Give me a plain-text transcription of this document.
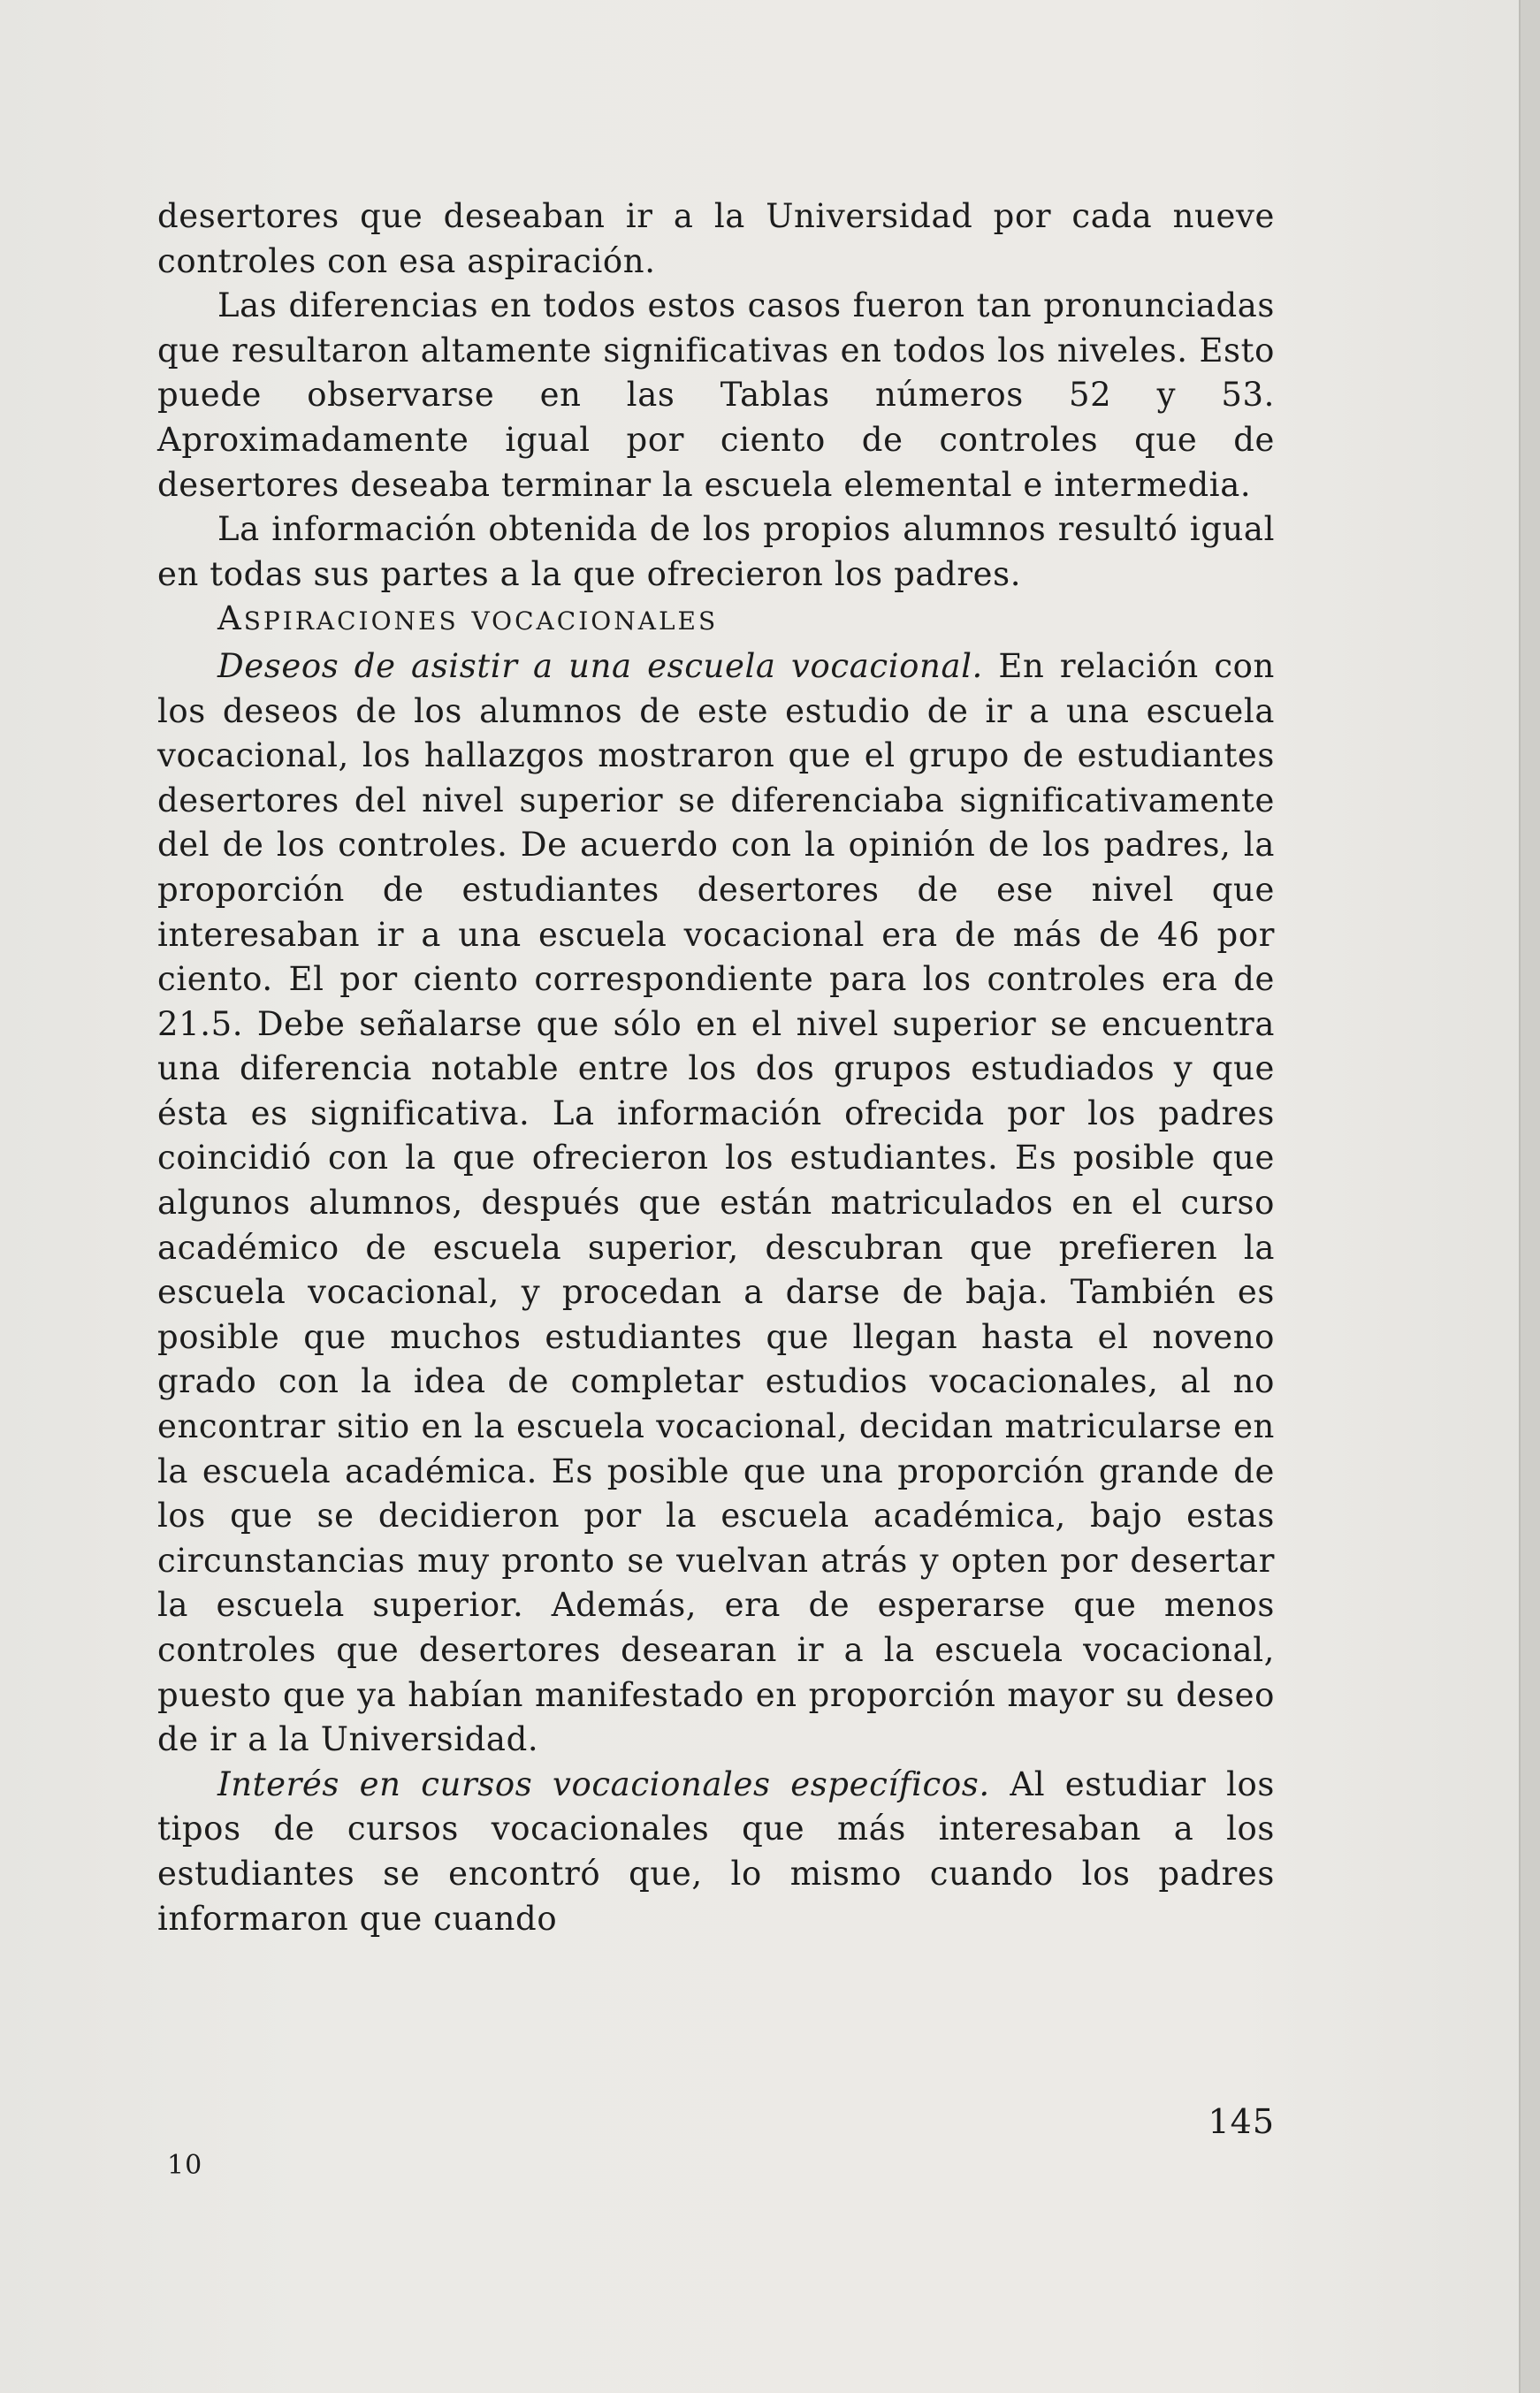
desertores que deseaban ir a la Universidad por cada nueve controles con esa aspiración.

Las diferencias en todos estos casos fueron tan pronunciadas que resultaron altamente significativas en todos los niveles. Esto puede observarse en las Tablas números 52 y 53. Aproximadamente igual por ciento de controles que de desertores deseaba terminar la escuela elemental e intermedia.

La información obtenida de los propios alumnos resultó igual en todas sus partes a la que ofrecieron los padres.

ASPIRACIONES VOCACIONALES

Deseos de asistir a una escuela vocacional. En relación con los deseos de los alumnos de este estudio de ir a una escuela vocacional, los hallazgos mostraron que el grupo de estudiantes desertores del nivel superior se diferenciaba significativamente del de los controles. De acuerdo con la opinión de los padres, la proporción de estudiantes desertores de ese nivel que interesaban ir a una escuela vocacional era de más de 46 por ciento. El por ciento correspondiente para los controles era de 21.5. Debe señalarse que sólo en el nivel superior se encuentra una diferencia notable entre los dos grupos estudiados y que ésta es significativa. La información ofrecida por los padres coincidió con la que ofrecieron los estudiantes. Es posible que algunos alumnos, después que están matriculados en el curso académico de escuela superior, descubran que prefieren la escuela vocacional, y procedan a darse de baja. También es posible que muchos estudiantes que llegan hasta el noveno grado con la idea de completar estudios vocacionales, al no encontrar sitio en la escuela vocacional, decidan matricularse en la escuela académica. Es posible que una proporción grande de los que se decidieron por la escuela académica, bajo estas circunstancias muy pronto se vuelvan atrás y opten por desertar la escuela superior. Además, era de esperarse que menos controles que desertores desearan ir a la escuela vocacional, puesto que ya habían manifestado en proporción mayor su deseo de ir a la Universidad.

Interés en cursos vocacionales específicos. Al estudiar los tipos de cursos vocacionales que más interesaban a los estudiantes se encontró que, lo mismo cuando los padres informaron que cuando

145
10
